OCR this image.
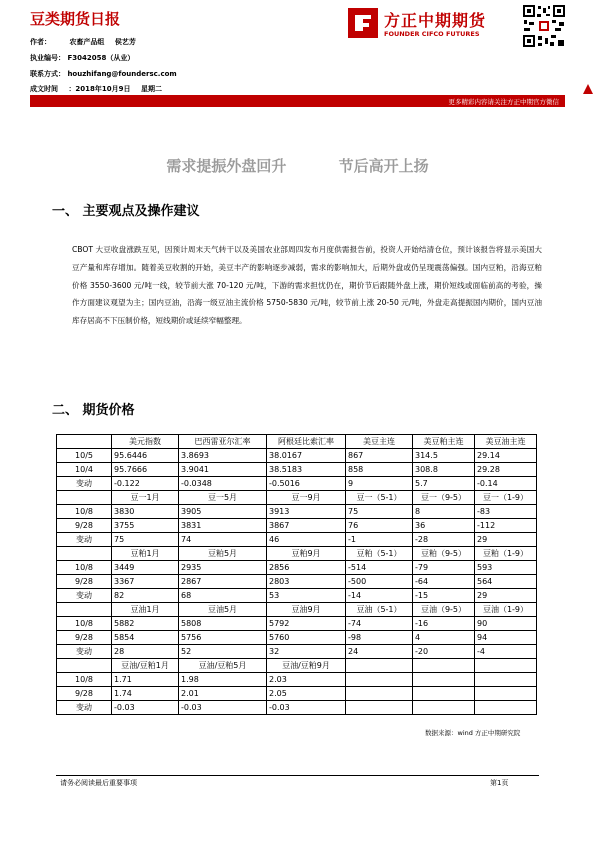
豆类期货日报
作者：	农畜产品组 侯艺芳
执业编号： F3042058（从业）
联系方式： houzhifang@foundersc.com
成文时间 ：2018年10月9日 星期二
方正中期期货
FOUNDER CIFCO FUTURES
更多精彩内容请关注方正中期官方微信
需求提振外盘回升	节后高开上扬
一、 主要观点及操作建议
CBOT 大豆收盘涨跌互见，因预计周末天气转干以及美国农业部周四发布月度供需报告前，投资人开始结清仓位，预计该报告将显示美国大豆产量和库存增加。随着美豆收割的开始，美豆丰产的影响逐步减弱，需求的影响加大，后期外盘或仍呈现震荡偏强。国内豆粕，沿海豆粕价格 3550-3600 元/吨一线，较节前大涨 70-120 元/吨，下游的需求担忧仍在，期价节后跟随外盘上涨，期价短线或面临前高的考验，操作方面建议观望为主；国内豆油，沿海一级豆油主流价格 5750-5830 元/吨，较节前上涨 20-50 元/吨，外盘走高提振国内期价，国内豆油库存居高不下压制价格，短线期价或延续窄幅整理。
二、 期货价格
	美元指数	巴西雷亚尔汇率	阿根廷比索汇率	美豆主连	美豆粕主连	美豆油主连
10/5	95.6446	3.8693	38.0167	867	314.5	29.14
10/4	95.7666	3.9041	38.5183	858	308.8	29.28
变动	-0.122	-0.0348	-0.5016	9	5.7	-0.14
	豆一1月	豆一5月	豆一9月	豆一（5-1）	豆一（9-5）	豆一（1-9）
10/8	3830	3905	3913	75	8	-83
9/28	3755	3831	3867	76	36	-112
变动	75	74	46	-1	-28	29
	豆粕1月	豆粕5月	豆粕9月	豆粕（5-1）	豆粕（9-5）	豆粕（1-9）
10/8	3449	2935	2856	-514	-79	593
9/28	3367	2867	2803	-500	-64	564
变动	82	68	53	-14	-15	29
	豆油1月	豆油5月	豆油9月	豆油（5-1）	豆油（9-5）	豆油（1-9）
10/8	5882	5808	5792	-74	-16	90
9/28	5854	5756	5760	-98	4	94
变动	28	52	32	24	-20	-4
	豆油/豆粕1月	豆油/豆粕5月	豆油/豆粕9月			
10/8	1.71	1.98	2.03			
9/28	1.74	2.01	2.05			
变动	-0.03	-0.03	-0.03			
数据来源：wind 方正中期研究院
请务必阅读最后重要事项	第1页
